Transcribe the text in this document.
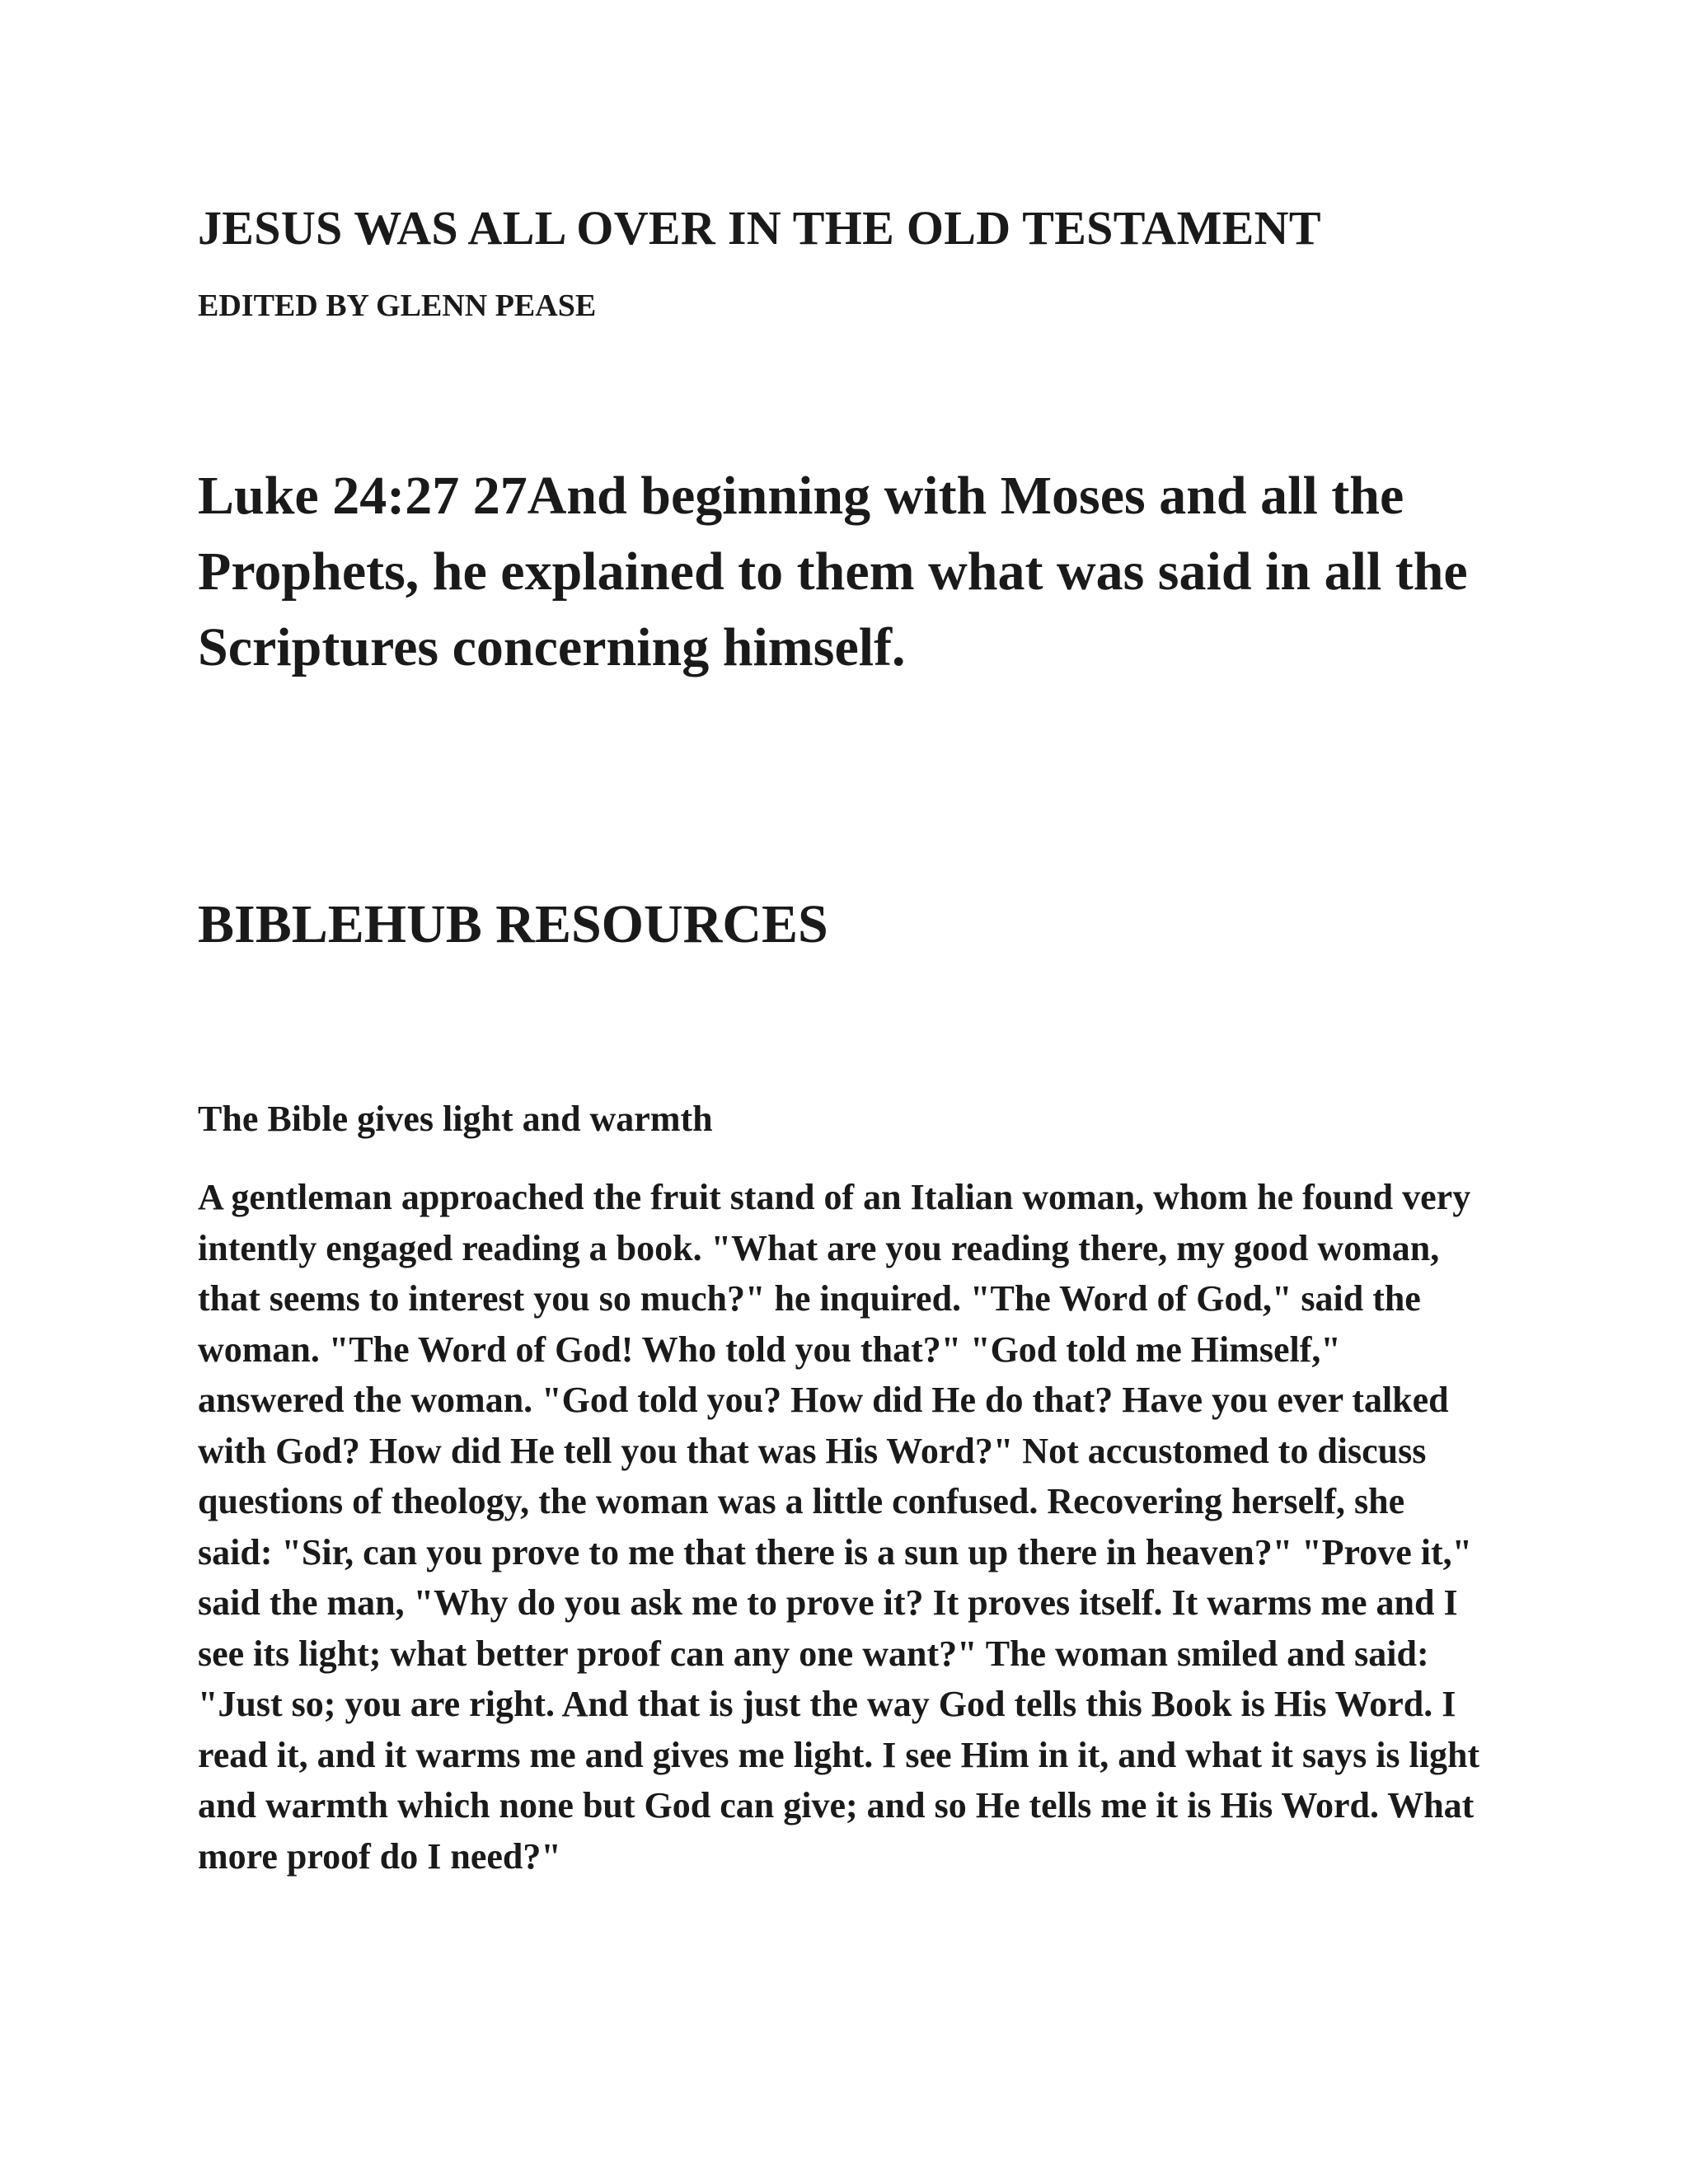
JESUS WAS ALL OVER IN THE OLD TESTAMENT
EDITED BY GLENN PEASE
Luke 24:27 27And beginning with Moses and all the Prophets, he explained to them what was said in all the Scriptures concerning himself.
BIBLEHUB RESOURCES
The Bible gives light and warmth
A gentleman approached the fruit stand of an Italian woman, whom he found very intently engaged reading a book. "What are you reading there, my good woman, that seems to interest you so much?" he inquired. "The Word of God," said the woman. "The Word of God! Who told you that?" "God told me Himself," answered the woman. "God told you? How did He do that? Have you ever talked with God? How did He tell you that was His Word?" Not accustomed to discuss questions of theology, the woman was a little confused. Recovering herself, she said: "Sir, can you prove to me that there is a sun up there in heaven?" "Prove it," said the man, "Why do you ask me to prove it? It proves itself. It warms me and I see its light; what better proof can any one want?" The woman smiled and said: "Just so; you are right. And that is just the way God tells this Book is His Word. I read it, and it warms me and gives me light. I see Him in it, and what it says is light and warmth which none but God can give; and so He tells me it is His Word. What more proof do I need?"
